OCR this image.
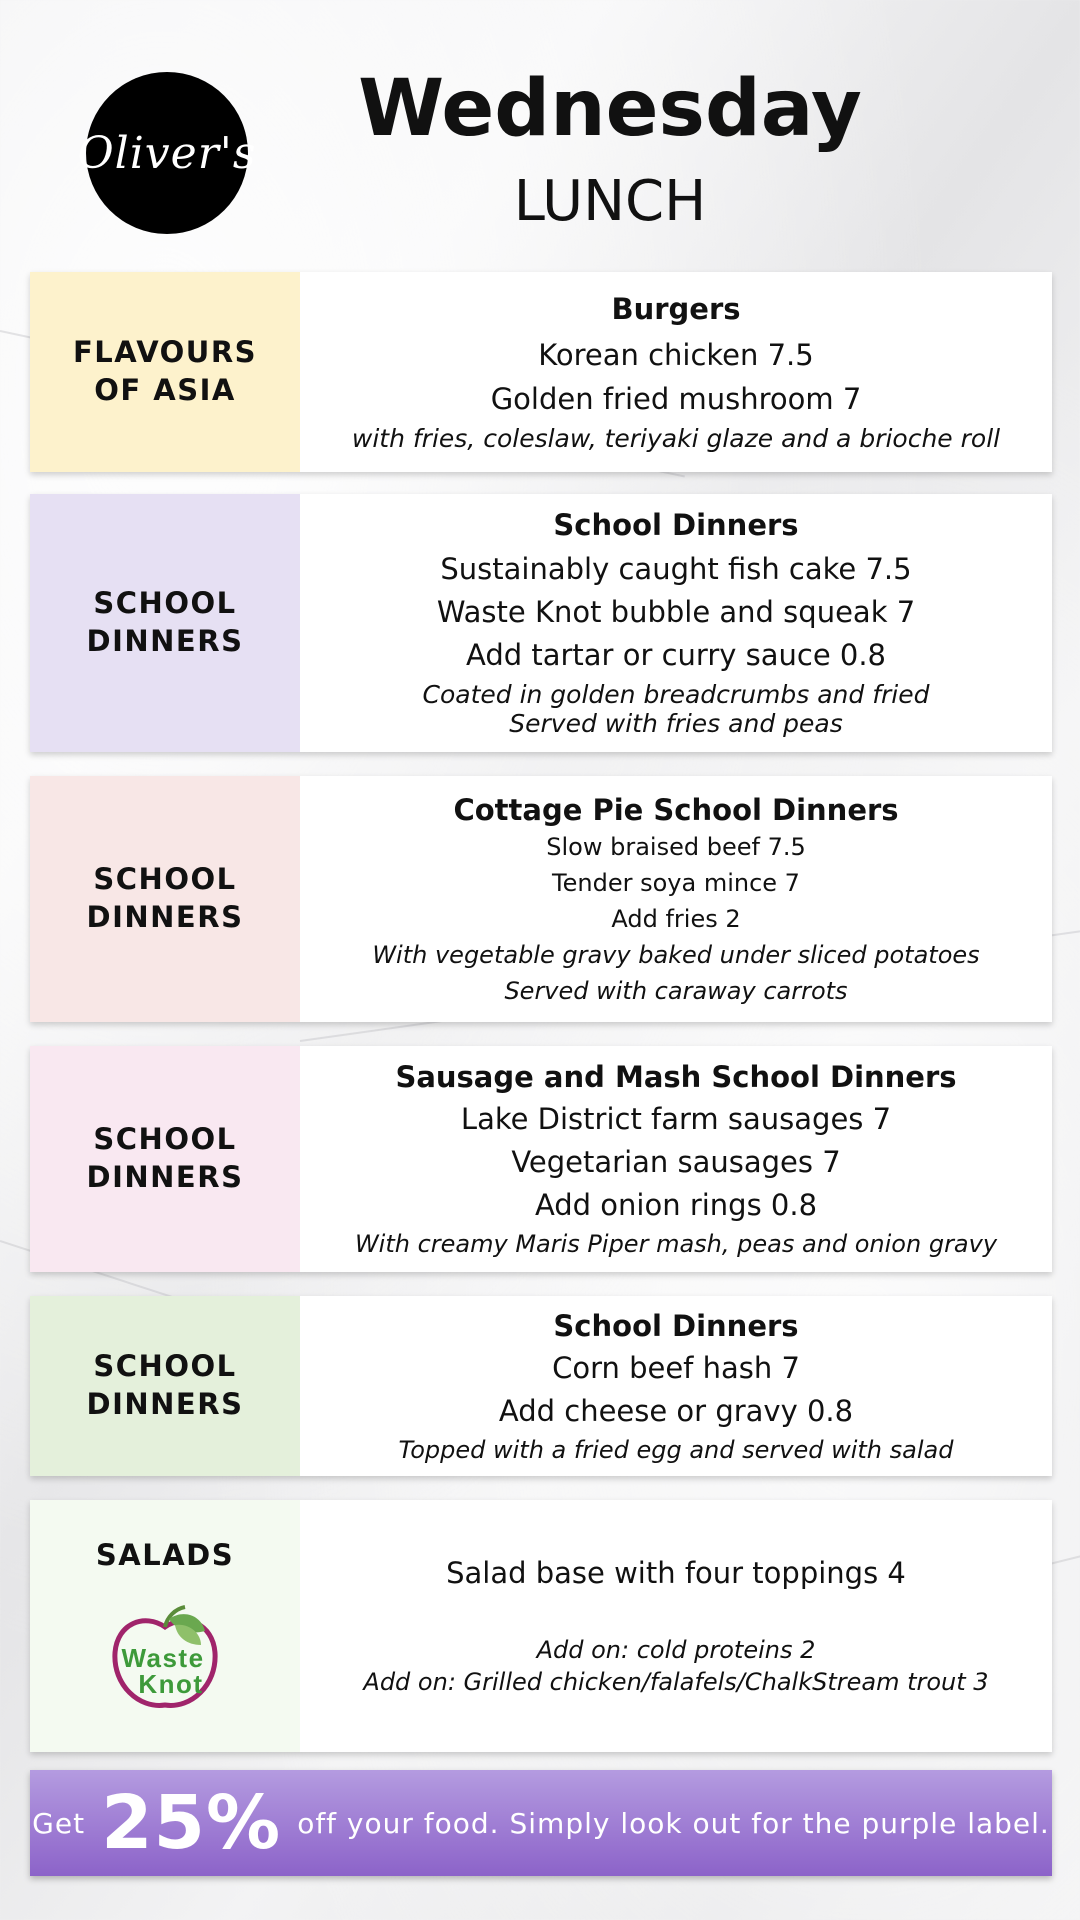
Oliver's	Wednesday
LUNCH
FLAVOURS OF ASIA
Burgers
Korean chicken 7.5
Golden fried mushroom 7
with fries, coleslaw, teriyaki glaze and a brioche roll
SCHOOL DINNERS
School Dinners
Sustainably caught fish cake 7.5
Waste Knot bubble and squeak 7
Add tartar or curry sauce 0.8
Coated in golden breadcrumbs and fried
Served with fries and peas
SCHOOL DINNERS
Cottage Pie School Dinners
Slow braised beef 7.5
Tender soya mince 7
Add fries 2
With vegetable gravy baked under sliced potatoes
Served with caraway carrots
SCHOOL DINNERS
Sausage and Mash School Dinners
Lake District farm sausages 7
Vegetarian sausages 7
Add onion rings 0.8
With creamy Maris Piper mash, peas and onion gravy
SCHOOL DINNERS
School Dinners
Corn beef hash 7
Add cheese or gravy 0.8
Topped with a fried egg and served with salad
SALADS
Waste
Knot
Salad base with four toppings 4
Add on: cold proteins 2
Add on: Grilled chicken/falafels/ChalkStream trout 3
Get 25% off your food. Simply look out for the purple label.
